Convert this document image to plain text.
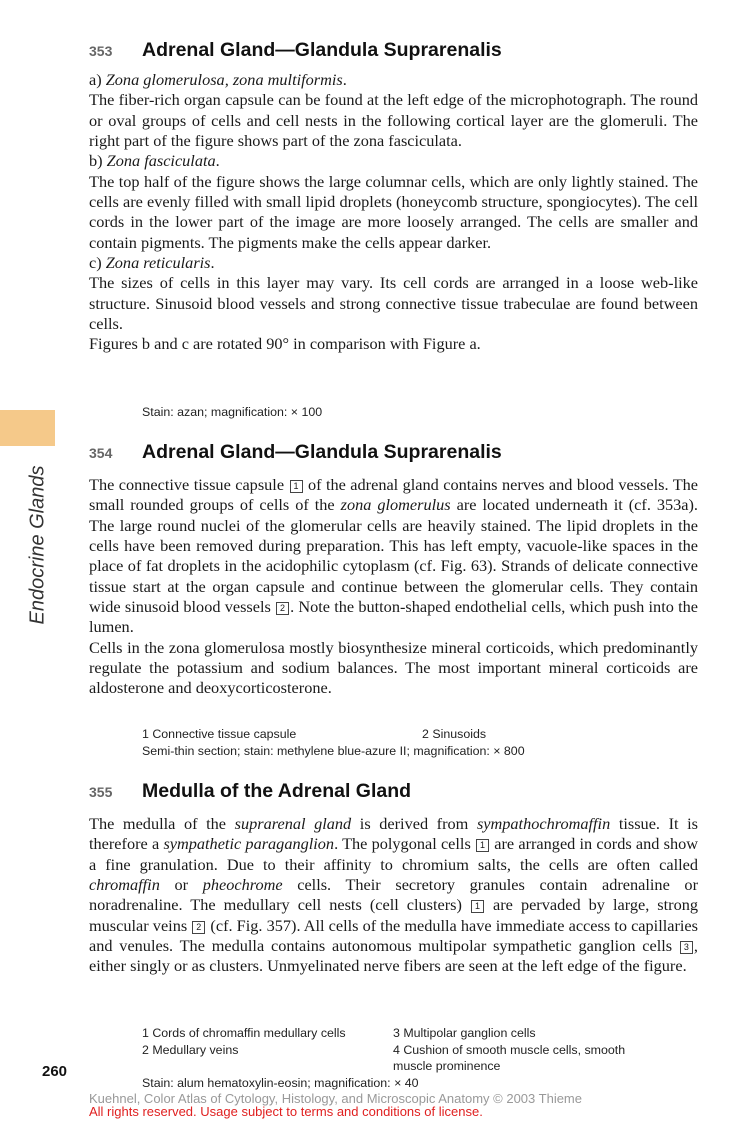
Endocrine Glands
353 Adrenal Gland—Glandula Suprarenalis

a) Zona glomerulosa, zona multiformis.

The fiber-rich organ capsule can be found at the left edge of the microphotograph. The round or oval groups of cells and cell nests in the following cortical layer are the glomeruli. The right part of the figure shows part of the zona fasciculata.

b) Zona fasciculata.

The top half of the figure shows the large columnar cells, which are only lightly stained. The cells are evenly filled with small lipid droplets (honeycomb structure, spongiocytes). The cell cords in the lower part of the image are more loosely arranged. The cells are smaller and contain pigments. The pigments make the cells appear darker.

c) Zona reticularis.

The sizes of cells in this layer may vary. Its cell cords are arranged in a loose web-like structure. Sinusoid blood vessels and strong connective tissue trabeculae are found between cells.

Figures b and c are rotated 90° in comparison with Figure a.

Stain: azan; magnification: × 100
354 Adrenal Gland—Glandula Suprarenalis

The connective tissue capsule 1 of the adrenal gland contains nerves and blood vessels. The small rounded groups of cells of the zona glomerulus are located underneath it (cf. 353a). The large round nuclei of the glomerular cells are heavily stained. The lipid droplets in the cells have been removed during preparation. This has left empty, vacuole-like spaces in the place of fat droplets in the acidophilic cytoplasm (cf. Fig. 63). Strands of delicate connective tissue start at the organ capsule and continue between the glomerular cells. They contain wide sinusoid blood vessels 2 . Note the button-shaped endothelial cells, which push into the lumen.

Cells in the zona glomerulosa mostly biosynthesize mineral corticoids, which predominantly regulate the potassium and sodium balances. The most important mineral corticoids are aldosterone and deoxycorticosterone.

1 Connective tissue capsule	2 Sinusoids
Semi-thin section; stain: methylene blue-azure II; magnification: × 800
355 Medulla of the Adrenal Gland

The medulla of the suprarenal gland is derived from sympathochromaffin tissue. It is therefore a sympathetic paraganglion. The polygonal cells 1 are arranged in cords and show a fine granulation. Due to their affinity to chromium salts, the cells are often called chromaffin or pheochrome cells. Their secretory granules contain adrenaline or noradrenaline. The medullary cell nests (cell clusters) 1 are pervaded by large, strong muscular veins 2 (cf. Fig. 357). All cells of the medulla have immediate access to capillaries and venules. The medulla contains autonomous multipolar sympathetic ganglion cells 3 , either singly or as clusters. Unmyelinated nerve fibers are seen at the left edge of the figure.

1 Cords of chromaffin medullary cells	3 Multipolar ganglion cells
2 Medullary veins	4 Cushion of smooth muscle cells, smooth muscle prominence
Stain: alum hematoxylin-eosin; magnification: × 40
260
Kuehnel, Color Atlas of Cytology, Histology, and Microscopic Anatomy © 2003 Thieme
All rights reserved. Usage subject to terms and conditions of license.
